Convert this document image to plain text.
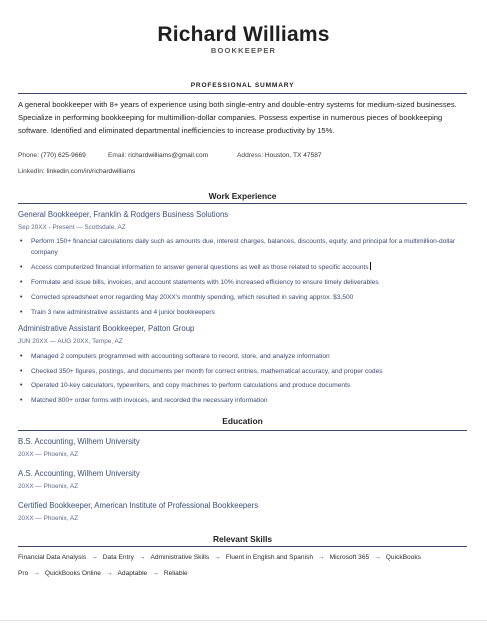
Richard Williams
BOOKKEEPER
PROFESSIONAL SUMMARY
A general bookkeeper with 8+ years of experience using both single-entry and double-entry systems for medium-sized businesses. Specialize in performing bookkeeping for multimillion-dollar companies. Possess expertise in numerous pieces of bookkeeping software. Identified and eliminated departmental inefficiencies to increase productivity by 15%.
Phone: (770) 625-9669	Email: richardwilliams@gmail.com	Address: Houston, TX 47587
LinkedIn: linkedin.com/in/richardwilliams
Work Experience
General Bookkeeper, Franklin & Rodgers Business Solutions
Sep 20XX - Present — Scottsdale, AZ
• Perform 150+ financial calculations daily such as amounts due, interest charges, balances, discounts, equity, and principal for a multimillion-dollar company
• Access computerized financial information to answer general questions as well as those related to specific accounts
• Formulate and issue bills, invoices, and account statements with 10% increased efficiency to ensure timely deliverables
• Corrected spreadsheet error regarding May 20XX's monthly spending, which resulted in saving approx. $3,500
• Train 3 new administrative assistants and 4 junior bookkeepers
Administrative Assistant Bookkeeper, Patton Group
JUN 20XX — AUG 20XX, Tempe, AZ
• Managed 2 computers programmed with accounting software to record, store, and analyze information
• Checked 350+ figures, postings, and documents per month for correct entries, mathematical accuracy, and proper codes
• Operated 10-key calculators, typewriters, and copy machines to perform calculations and produce documents
• Matched 800+ order forms with invoices, and recorded the necessary information
Education
B.S. Accounting, Wilhem University
20XX — Phoenix, AZ
A.S. Accounting, Wilhem University
20XX — Phoenix, AZ
Certified Bookkeeper, American Institute of Professional Bookkeepers
20XX — Phoenix, AZ
Relevant Skills
Financial Data Analysis → Data Entry → Administrative Skills → Fluent in English and Spanish → Microsoft 365 → QuickBooks Pro → QuickBooks Online → Adaptable → Reliable
